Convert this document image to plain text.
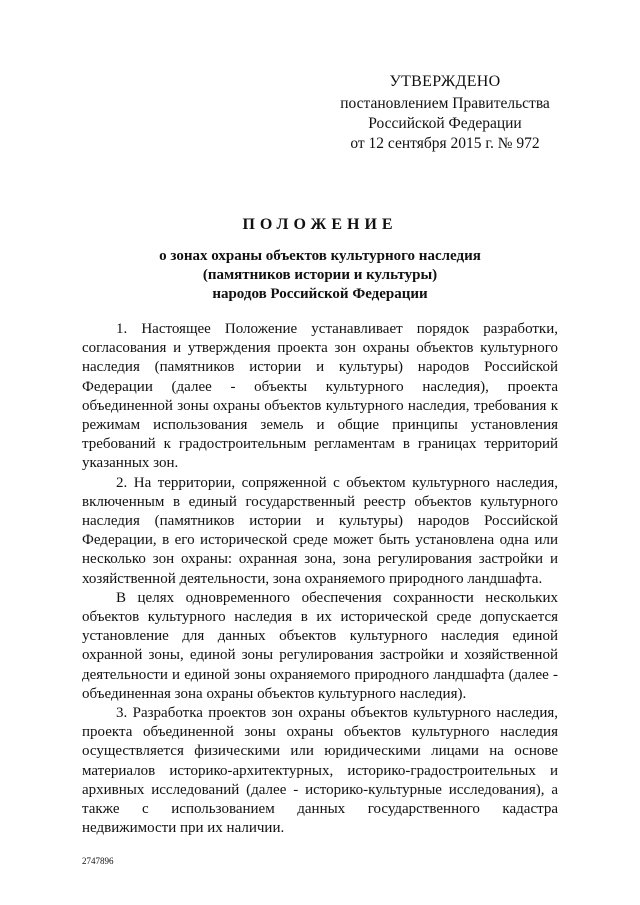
УТВЕРЖДЕНО
постановлением Правительства
Российской Федерации
от 12 сентября 2015 г. № 972
ПОЛОЖЕНИЕ
о зонах охраны объектов культурного наследия
(памятников истории и культуры)
народов Российской Федерации

1. Настоящее Положение устанавливает порядок разработки, согласования и утверждения проекта зон охраны объектов культурного наследия (памятников истории и культуры) народов Российской Федерации (далее - объекты культурного наследия), проекта объединенной зоны охраны объектов культурного наследия, требования к режимам использования земель и общие принципы установления требований к градостроительным регламентам в границах территорий указанных зон.

2. На территории, сопряженной с объектом культурного наследия, включенным в единый государственный реестр объектов культурного наследия (памятников истории и культуры) народов Российской Федерации, в его исторической среде может быть установлена одна или несколько зон охраны: охранная зона, зона регулирования застройки и хозяйственной деятельности, зона охраняемого природного ландшафта.

В целях одновременного обеспечения сохранности нескольких объектов культурного наследия в их исторической среде допускается установление для данных объектов культурного наследия единой охранной зоны, единой зоны регулирования застройки и хозяйственной деятельности и единой зоны охраняемого природного ландшафта (далее - объединенная зона охраны объектов культурного наследия).

3. Разработка проектов зон охраны объектов культурного наследия, проекта объединенной зоны охраны объектов культурного наследия осуществляется физическими или юридическими лицами на основе материалов историко-архитектурных, историко-градостроительных и архивных исследований (далее - историко-культурные исследования), а также с использованием данных государственного кадастра недвижимости при их наличии.

2747896
